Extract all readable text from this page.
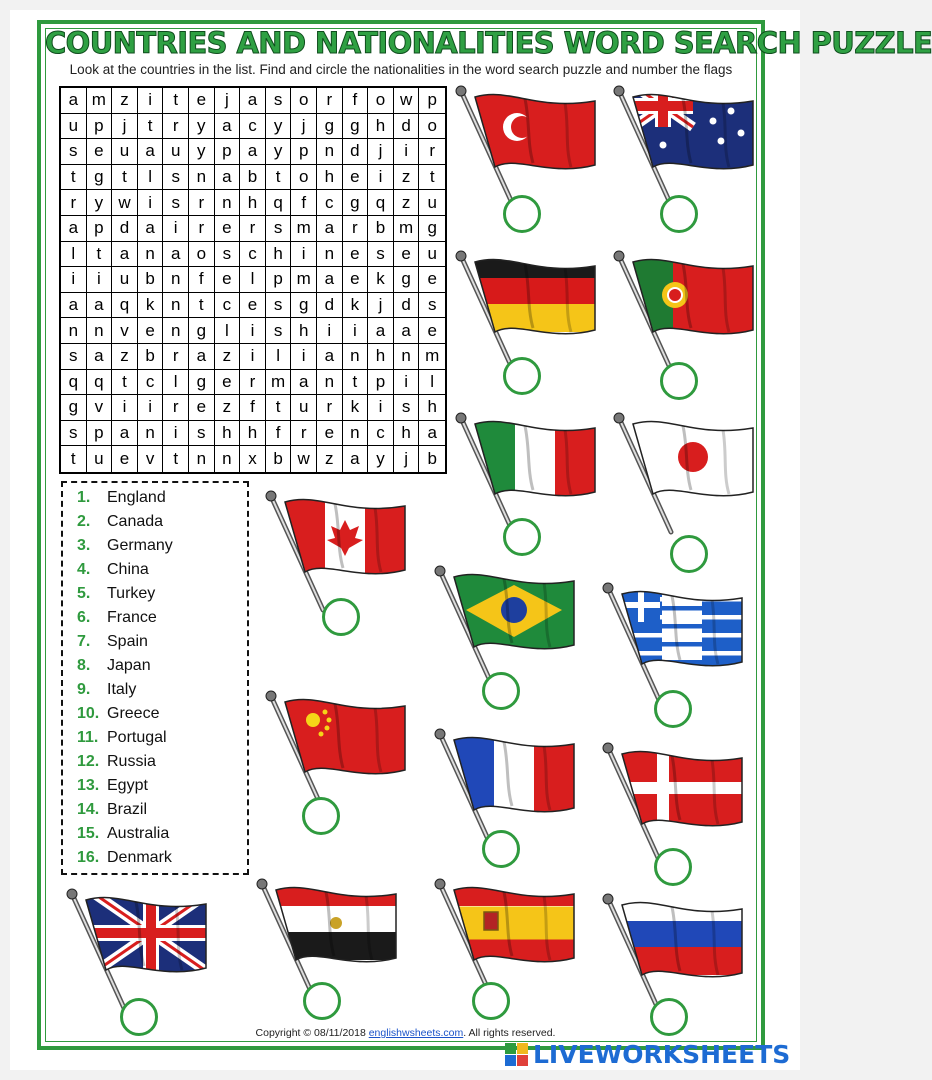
COUNTRIES AND NATIONALITIES WORD SEARCH PUZZLE
Look at the countries in the list. Find and circle the nationalities in the word search puzzle and number the flags
a m z	i	t	e	j	a s o	r	f	o w p
u p	j	t	r	y a c	y	j	g g h d o
s e u a u y p a y p n d	j	i	r
t	g	t	l	s n a b	t	o h e	i	z	t
r	y w	i	s	r	n h q	f	c g q z	u
a p d a	i	r	e	r	s m a	r	b m g
l	t	a n a o s	c h	i	n e s e u
i	i	u b n	f	e	l	p m a e k g e
a a q k n	t	c e s g d k	j	d	s
n n v e n g	l	i	s h	i	i	a a e
s a z b	r	a z	i	l	i	a n h n m
q q	t	c	l	g e	r m a n	t	p	i	l
g v	i	i	r	e z	f	t	u	r	k	i	s	h
s p a n	i	s h h	f	r	e n c h a
t	u e v	t	n n x b w z a y	j	b
1.	England
2.	Canada
3.	Germany
4.	China
5.	Turkey
6.	France
7.	Spain
8.	Japan
9.	Italy
10. Greece
11. Portugal
12. Russia
13. Egypt
14. Brazil
15. Australia
16. Denmark
Copyright © 08/11/2018 englishwsheets.com. All rights reserved.
LIVEWORKSHEETS
